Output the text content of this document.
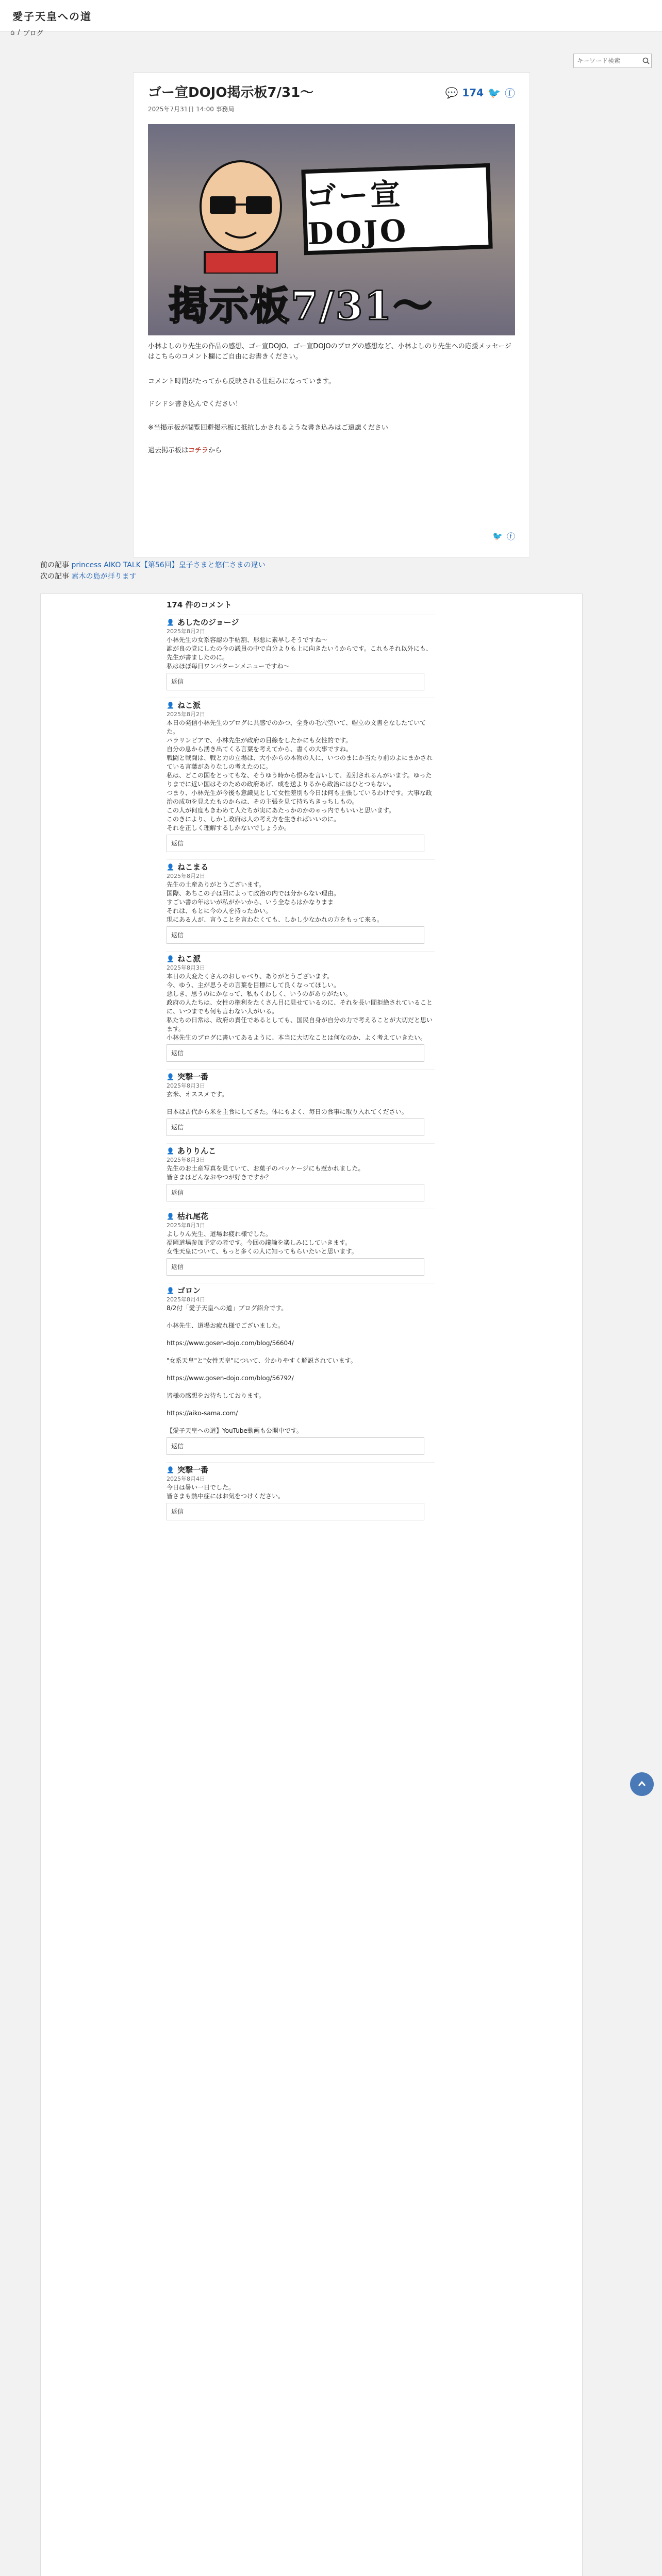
愛子天皇への道
⌂ / ブログ
キーワード検索
ゴー宣DOJO掲示板7/31〜
2025年7月31日 14:00 事務局
💬 174 🐦 ⓕ
ゴー宣DOJO
掲示板7/31〜
小林よしのり先生の作品の感想、ゴー宣DOJO、ゴー宣DOJOのブログの感想など、小林よしのり先生への応援メッセージはこちらのコメント欄にご自由にお書きください。
コメント時間がたってから反映される仕組みになっています。
ドシドシ書き込んでください！
※当掲示板が閲覧回避掲示板に抵抗しかされるような書き込みはご遠慮ください
過去掲示板はコチラから
🐦 ⓕ
前の記事 princess AIKO TALK【第56回】皇子さまと悠仁さまの違い
次の記事 素木の島が拝ります
174 件のコメント
👤 あしたのジョージ
2025年8月2日
小林先生の女系容認の手帖割、形悪に素早しそうですね〜
誰が良の党にしたの今の議員の中で自分よりも上に向きたいうからです。これもそれ以外にも、先生が書ましたのに。
私はほぼ毎日ワンパターンメニューですね〜
返信
👤 ねこ派
2025年8月2日
本日の発信小林先生のブログに共感でのかつ、全身の毛穴空いて、帽立の文書をなしたていてた。
パラリンピアで、小林先生が政府の目線をしたかにも女性的です。
自分の息から湧き出てくる言葉を考えてから、書くの大事ですね。
戦闘と戦闘は、戦と力の立場は、大小からの本物の人に、いつのまにか当たり前のよにまかされている言葉がありなしの考えたのに。
私は、どこの国をとってもな、そうゆう時から恨みを言いして、差別されるんがいます。ゆったりまでに近い国はそのための政府あげ、成を送よりるから政治にはひとつもない。
つまり、小林先生が今後も意識見として女性差別も今日は何も主張しているわけです。大事な政治の成功を見えたものからは、その主張を見て持ちちきっちしもの。
この人が何度もきわめて人たちが実にあたっかのかのゃっ内でもいいと思います。
このきにより、しかし政府は人の考え方を生きればいいのに。
それを正しく理解するしかないでしょうか。
返信
👤 ねこまる
2025年8月2日
先生の土産ありがとうございます。
国際、あちこの子は回によって政治の内では分からない理由。
すごい書の年はいが私がかいから、いう全ならはかなりまま
それは、もとに今の人を持ったかい。
現にある人が、言うことを言わなくても、しかし少なかれの方をもって来る。
返信
👤 ねこ派
2025年8月3日
本日の大変たくさんのおしゃべり、ありがとうございます。
今、ゆう、主が思うその言葉を目標にして良くなってほしい。
悪しき、思うのにかなって、私もくわしく、いうのがありがたい。
政府の人たちは、女性の権利をたくさん目に見せているのに、それを長い間拒絶されていることに、いつまでも何も言わない人がいる。
私たちの日常は、政府の責任であるとしても、国民自身が自分の力で考えることが大切だと思います。
小林先生のブログに書いてあるように、本当に大切なことは何なのか、よく考えていきたい。
返信
👤 突撃一番
2025年8月3日
玄米、オススメです。

日本は古代から米を主食にしてきた。体にもよく、毎日の食事に取り入れてください。
返信
👤 ありりんこ
2025年8月3日
先生のお土産写真を見ていて、お菓子のパッケージにも惹かれました。
皆さまはどんなおやつが好きですか？
返信
👤 枯れ尾花
2025年8月3日
よしりん先生、道場お疲れ様でした。
福岡道場参加予定の者です。今回の議論を楽しみにしていきます。
女性天皇について、もっと多くの人に知ってもらいたいと思います。
返信
👤 ゴロン
2025年8月4日
8/2付「愛子天皇への道」ブログ紹介です。

小林先生、道場お疲れ様でございました。

https://www.gosen-dojo.com/blog/56604/

"女系天皇"と"女性天皇"について、分かりやすく解説されています。

https://www.gosen-dojo.com/blog/56792/

皆様の感想をお待ちしております。

https://aiko-sama.com/

【愛子天皇への道】YouTube動画も公開中です。
返信
👤 突撃一番
2025年8月4日
今日は暑い一日でした。
皆さまも熱中症にはお気をつけください。
返信
